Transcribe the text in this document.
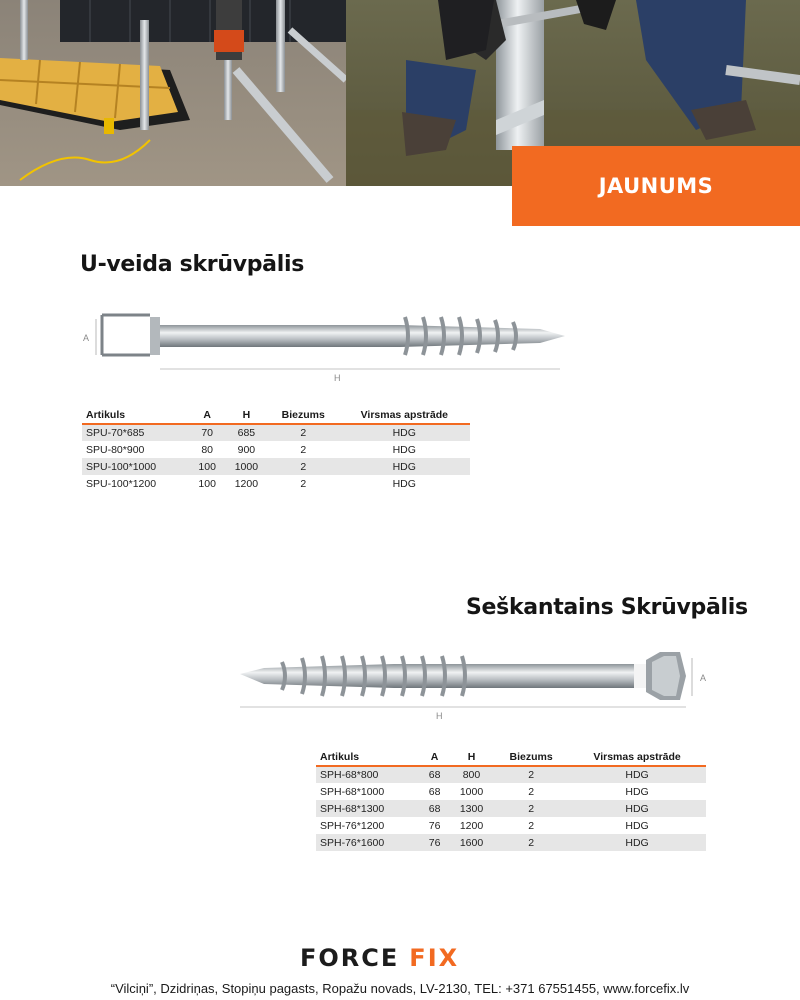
JAUNUMS
U-veida skrūvpālis
A
H
Artikuls	A	H	Biezums	Virsmas apstrāde
SPU-70*685	70	685	2	HDG
SPU-80*900	80	900	2	HDG
SPU-100*1000	100	1000	2	HDG
SPU-100*1200	100	1200	2	HDG
Seškantains Skrūvpālis
A
H
Artikuls	A	H	Biezums	Virsmas apstrāde
SPH-68*800	68	800	2	HDG
SPH-68*1000	68	1000	2	HDG
SPH-68*1300	68	1300	2	HDG
SPH-76*1200	76	1200	2	HDG
SPH-76*1600	76	1600	2	HDG
FORCE FIX
“Vilciņi”, Dzidriņas, Stopiņu pagasts, Ropažu novads, LV-2130, TEL: +371 67551455, www.forcefix.lv
